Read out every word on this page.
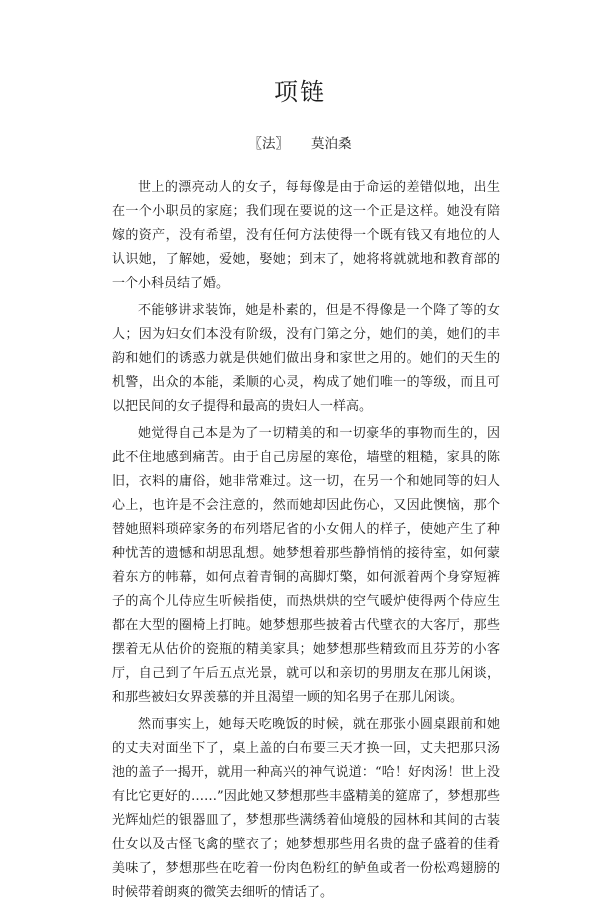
项链
〖法〗 莫泊桑

世上的漂亮动人的女子，每每像是由于命运的差错似地，出生在一个小职员的家庭；我们现在要说的这一个正是这样。她没有陪嫁的资产，没有希望，没有任何方法使得一个既有钱又有地位的人认识她，了解她，爱她，娶她；到末了，她将将就就地和教育部的一个小科员结了婚。

不能够讲求装饰，她是朴素的，但是不得像是一个降了等的女人；因为妇女们本没有阶级，没有门第之分，她们的美，她们的丰韵和她们的诱惑力就是供她们做出身和家世之用的。她们的天生的机警，出众的本能，柔顺的心灵，构成了她们唯一的等级，而且可以把民间的女子提得和最高的贵妇人一样高。

她觉得自己本是为了一切精美的和一切豪华的事物而生的，因此不住地感到痛苦。由于自己房屋的寒伧，墙壁的粗糙，家具的陈旧，衣料的庸俗，她非常难过。这一切，在另一个和她同等的妇人心上，也许是不会注意的，然而她却因此伤心，又因此懊恼，那个替她照料琐碎家务的布列塔尼省的小女佣人的样子，使她产生了种种忧苦的遗憾和胡思乱想。她梦想着那些静悄悄的接待室，如何蒙着东方的帏幕，如何点着青铜的高脚灯檠，如何派着两个身穿短裤子的高个儿侍应生听候指使，而热烘烘的空气暖炉使得两个侍应生都在大型的圈椅上打盹。她梦想那些披着古代壁衣的大客厅，那些摆着无从估价的瓷瓶的精美家具；她梦想那些精致而且芬芳的小客厅，自己到了午后五点光景，就可以和亲切的男朋友在那儿闲谈，和那些被妇女界羡慕的并且渴望一顾的知名男子在那儿闲谈。

然而事实上，她每天吃晚饭的时候，就在那张小圆桌跟前和她的丈夫对面坐下了，桌上盖的白布要三天才换一回，丈夫把那只汤池的盖子一揭开，就用一种高兴的神气说道：“哈！好肉汤！世上没有比它更好的……”因此她又梦想那些丰盛精美的筵席了，梦想那些光辉灿烂的银器皿了，梦想那些满绣着仙境般的园林和其间的古装仕女以及古怪飞禽的壁衣了；她梦想那些用名贵的盘子盛着的佳肴美味了，梦想那些在吃着一份肉色粉红的鲈鱼或者一份松鸡翅膀的时候带着朗爽的微笑去细听的情话了。
